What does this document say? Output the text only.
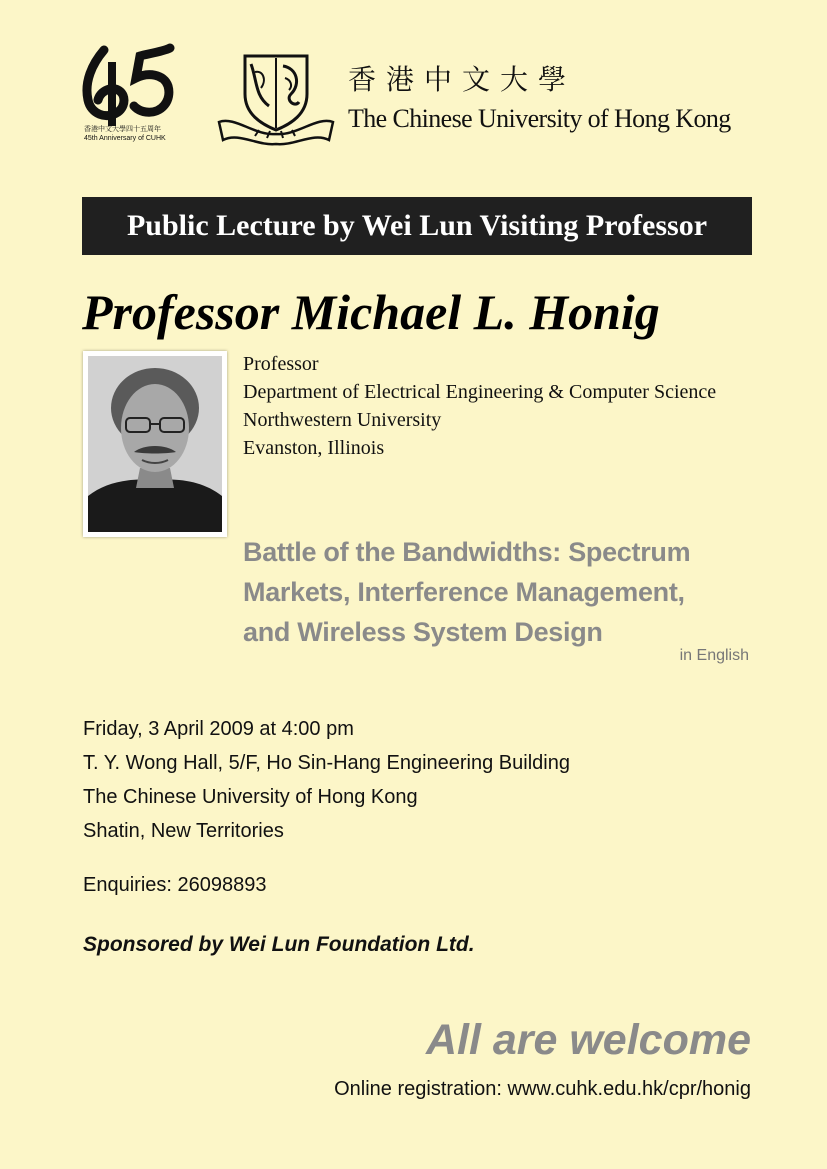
香港中文大學四十五周年
45th Anniversary of CUHK
香港中文大學
The Chinese University of Hong Kong
Public Lecture by Wei Lun Visiting Professor
Professor Michael L. Honig
Professor
Department of Electrical Engineering & Computer Science
Northwestern University
Evanston, Illinois
Battle of the Bandwidths: Spectrum
Markets, Interference Management,
and Wireless System Design
in English
Friday, 3 April 2009 at 4:00 pm
T. Y. Wong Hall, 5/F, Ho Sin-Hang Engineering Building
The Chinese University of Hong Kong
Shatin, New Territories
Enquiries: 26098893
Sponsored by Wei Lun Foundation Ltd.
All are welcome
Online registration: www.cuhk.edu.hk/cpr/honig
